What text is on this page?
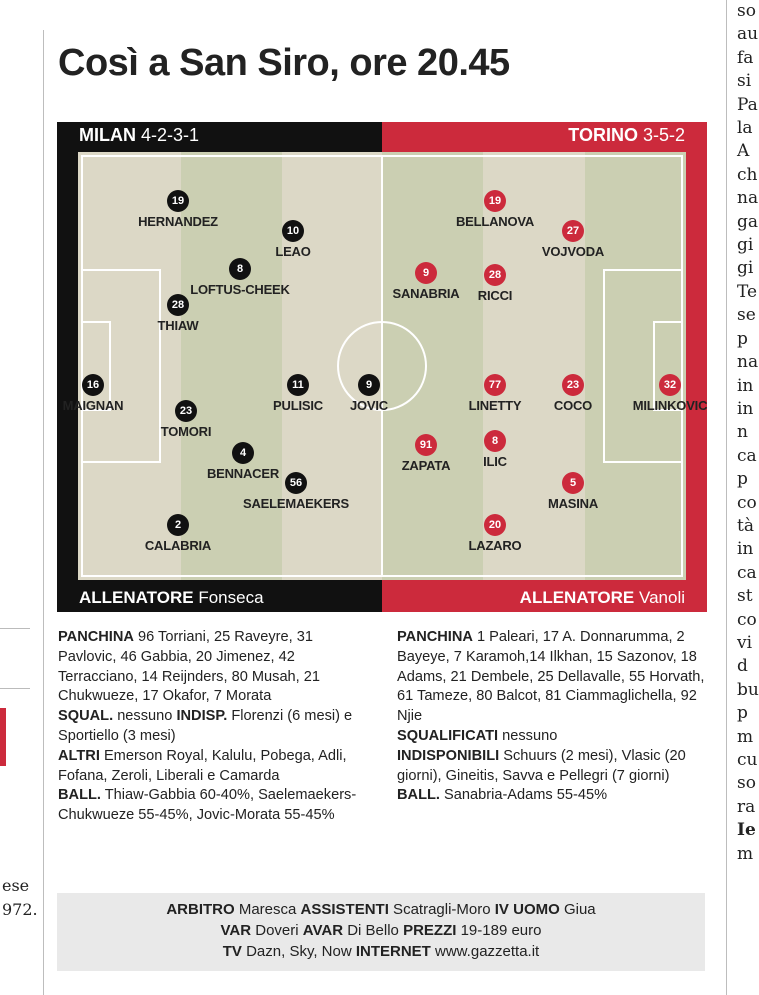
ese
972.
so
au
fa
si
Pa
la
A
ch
na
ga
gi
gi
Te
se
p
na
in
in
n
ca
p
co
tà
in
ca
st
co
vi
d
bu
p
m
cu
so
ra
Ie
m
Così a San Siro, ore 20.45
MILAN 4-2-3-1	TORINO 3-5-2
19
HERNANDEZ
10
LEAO
8
LOFTUS-CHEEK
28
THIAW
16
MAIGNAN
11
PULISIC
9
JOVIC
23
TOMORI
4
BENNACER
56
SAELEMAEKERS
2
CALABRIA
19
BELLANOVA
27
VOJVODA
9
SANABRIA
28
RICCI
77
LINETTY
23
COCO
32
MILINKOVIC
91
ZAPATA
8
ILIC
5
MASINA
20
LAZARO
ALLENATORE Fonseca	ALLENATORE Vanoli

PANCHINA 96 Torriani, 25 Raveyre, 31 Pavlovic, 46 Gabbia, 20 Jimenez, 42 Terracciano, 14 Reijnders, 80 Musah, 21 Chukwueze, 17 Okafor, 7 Morata

SQUAL. nessuno INDISP. Florenzi (6 mesi) e Sportiello (3 mesi)

ALTRI Emerson Royal, Kalulu, Pobega, Adli, Fofana, Zeroli, Liberali e Camarda

BALL. Thiaw-Gabbia 60-40%, Saelemaekers-Chukwueze 55-45%, Jovic-Morata 55-45%

PANCHINA 1 Paleari, 17 A. Donnarumma, 2 Bayeye, 7 Karamoh,14 Ilkhan, 15 Sazonov, 18 Adams, 21 Dembele, 25 Dellavalle, 55 Horvath, 61 Tameze, 80 Balcot, 81 Ciammaglichella, 92 Njie

SQUALIFICATI nessuno

INDISPONIBILI Schuurs (2 mesi), Vlasic (20 giorni), Gineitis, Savva e Pellegri (7 giorni)

BALL. Sanabria-Adams 55-45%

ARBITRO Maresca ASSISTENTI Scatragli-Moro IV UOMO Giua
VAR Doveri AVAR Di Bello PREZZI 19-189 euro
TV Dazn, Sky, Now INTERNET www.gazzetta.it
